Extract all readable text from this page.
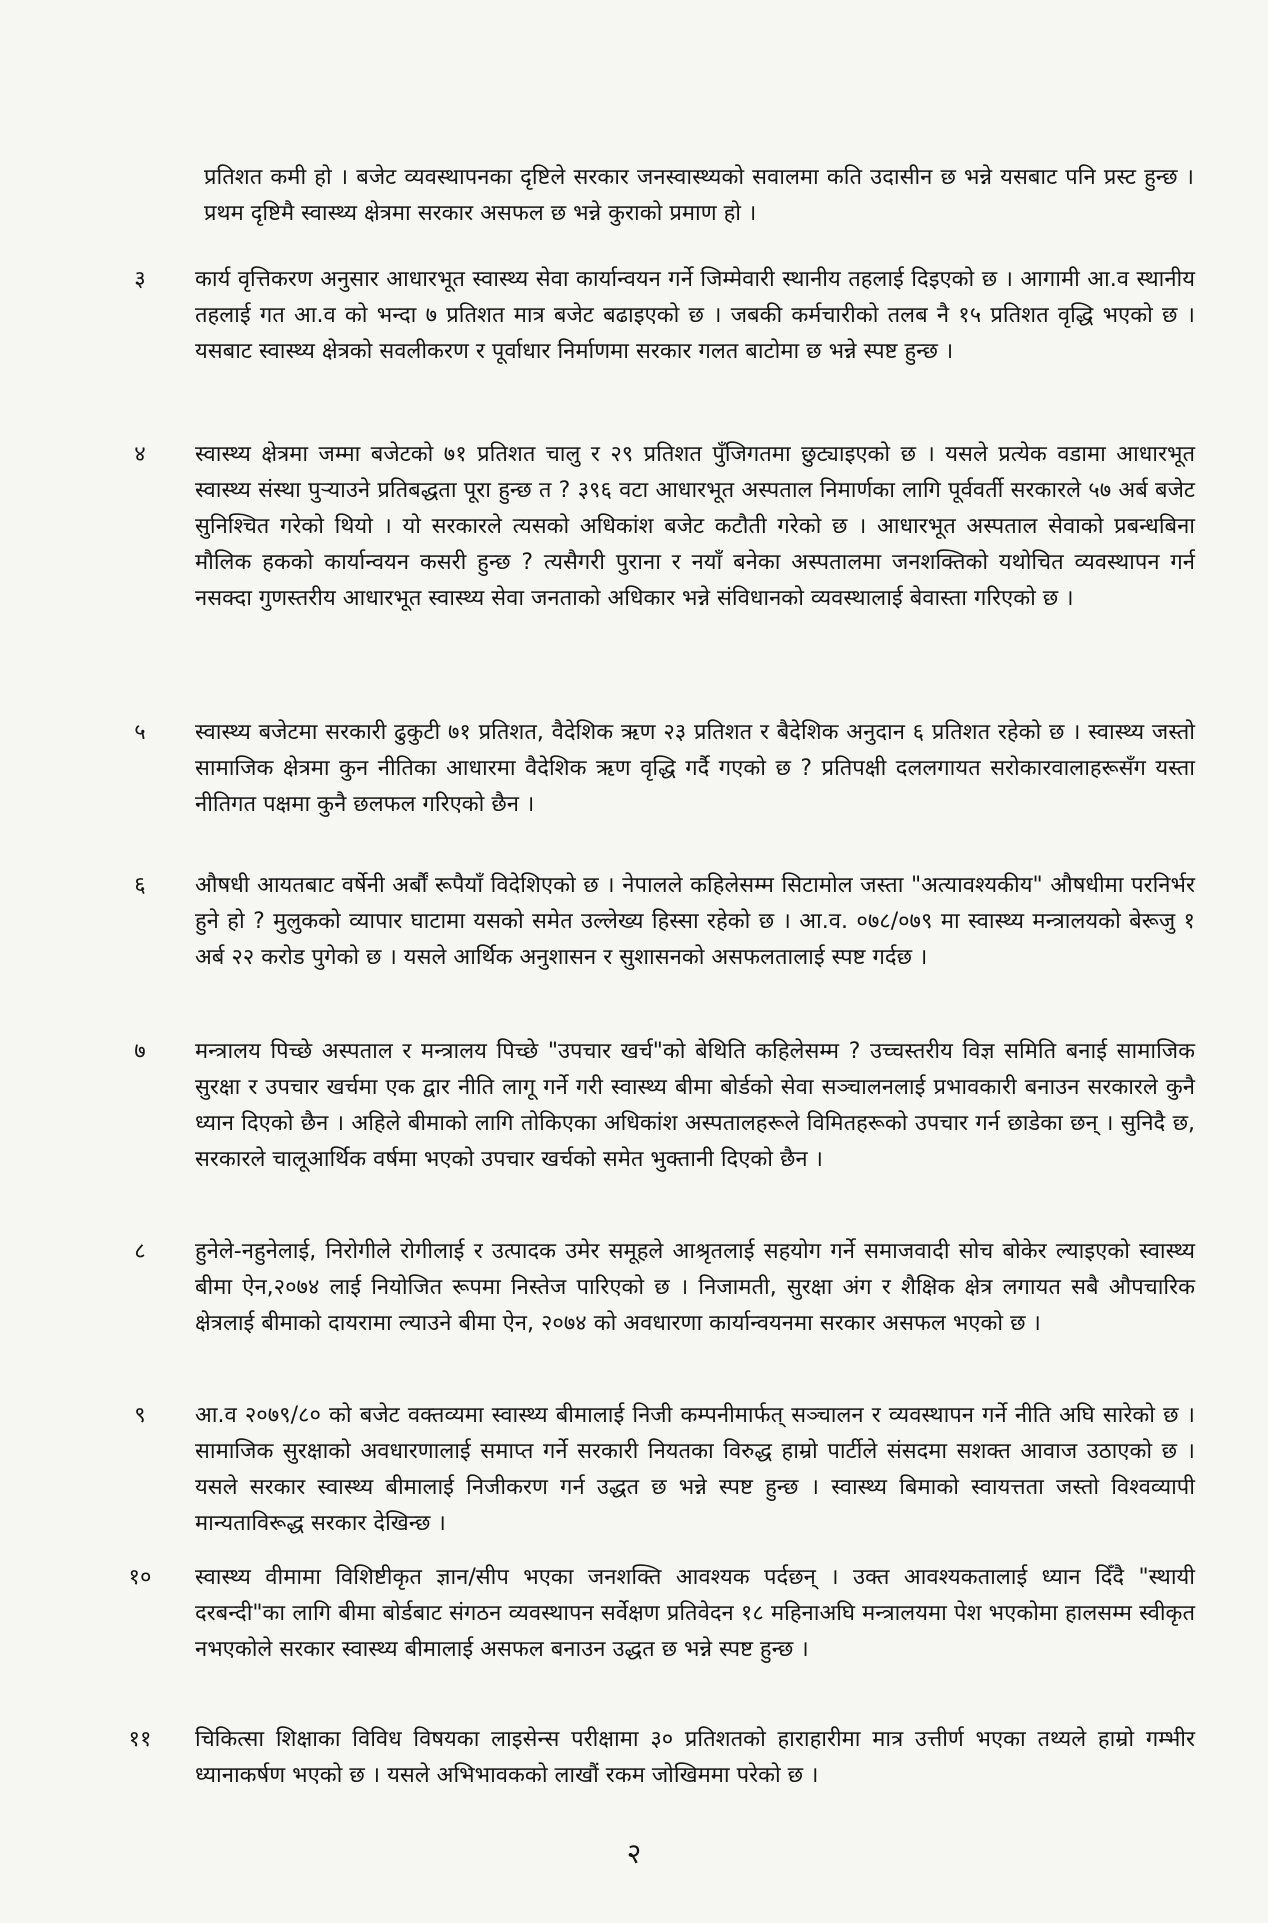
प्रतिशत कमी हो । बजेट व्यवस्थापनका दृष्टिले सरकार जनस्वास्थ्यको सवालमा कति उदासीन छ भन्ने यसबाट पनि प्रस्ट हुन्छ । प्रथम दृष्टिमै स्वास्थ्य क्षेत्रमा सरकार असफल छ भन्ने कुराको प्रमाण हो ।
३	कार्य वृत्तिकरण अनुसार आधारभूत स्वास्थ्य सेवा कार्यान्वयन गर्ने जिम्मेवारी स्थानीय तहलाई दिइएको छ । आगामी आ.व स्थानीय तहलाई गत आ.व को भन्दा ७ प्रतिशत मात्र बजेट बढाइएको छ । जबकी कर्मचारीको तलब नै १५ प्रतिशत वृद्धि भएको छ । यसबाट स्वास्थ्य क्षेत्रको सवलीकरण र पूर्वाधार निर्माणमा सरकार गलत बाटोमा छ भन्ने स्पष्ट हुन्छ ।
४	स्वास्थ्य क्षेत्रमा जम्मा बजेटको ७१ प्रतिशत चालु र २९ प्रतिशत पुँजिगतमा छुट्याइएको छ । यसले प्रत्येक वडामा आधारभूत स्वास्थ्य संस्था पुऱ्याउने प्रतिबद्धता पूरा हुन्छ त ? ३९६ वटा आधारभूत अस्पताल निमार्णका लागि पूर्ववर्ती सरकारले ५७ अर्ब बजेट सुनिश्चित गरेको थियो । यो सरकारले त्यसको अधिकांश बजेट कटौती गरेको छ । आधारभूत अस्पताल सेवाको प्रबन्धबिना मौलिक हकको कार्यान्वयन कसरी हुन्छ ? त्यसैगरी पुराना र नयाँ बनेका अस्पतालमा जनशक्तिको यथोचित व्यवस्थापन गर्न नसक्दा गुणस्तरीय आधारभूत स्वास्थ्य सेवा जनताको अधिकार भन्ने संविधानको व्यवस्थालाई बेवास्ता गरिएको छ ।
५	स्वास्थ्य बजेटमा सरकारी ढुकुटी ७१ प्रतिशत, वैदेशिक ऋण २३ प्रतिशत र बैदेशिक अनुदान ६ प्रतिशत रहेको छ । स्वास्थ्य जस्तो सामाजिक क्षेत्रमा कुन नीतिका आधारमा वैदेशिक ऋण वृद्धि गर्दै गएको छ ? प्रतिपक्षी दललगायत सरोकारवालाहरूसँग यस्ता नीतिगत पक्षमा कुनै छलफल गरिएको छैन ।
६	औषधी आयतबाट वर्षेनी अर्बौं रूपैयाँ विदेशिएको छ । नेपालले कहिलेसम्म सिटामोल जस्ता "अत्यावश्यकीय" औषधीमा परनिर्भर हुने हो ? मुलुकको व्यापार घाटामा यसको समेत उल्लेख्य हिस्सा रहेको छ । आ.व. ०७८/०७९ मा स्वास्थ्य मन्त्रालयको बेरूजु १ अर्ब २२ करोड पुगेको छ । यसले आर्थिक अनुशासन र सुशासनको असफलतालाई स्पष्ट गर्दछ ।
७	मन्त्रालय पिच्छे अस्पताल र मन्त्रालय पिच्छे "उपचार खर्च"को बेथिति कहिलेसम्म ? उच्चस्तरीय विज्ञ समिति बनाई सामाजिक सुरक्षा र उपचार खर्चमा एक द्वार नीति लागू गर्ने गरी स्वास्थ्य बीमा बोर्डको सेवा सञ्चालनलाई प्रभावकारी बनाउन सरकारले कुनै ध्यान दिएको छैन । अहिले बीमाको लागि तोकिएका अधिकांश अस्पतालहरूले विमितहरूको उपचार गर्न छाडेका छन् । सुनिदै छ, सरकारले चालूआर्थिक वर्षमा भएको उपचार खर्चको समेत भुक्तानी दिएको छैन ।
८	हुनेले-नहुनेलाई, निरोगीले रोगीलाई र उत्पादक उमेर समूहले आश्रृतलाई सहयोग गर्ने समाजवादी सोच बोकेर ल्याइएको स्वास्थ्य बीमा ऐन,२०७४ लाई नियोजित रूपमा निस्तेज पारिएको छ । निजामती, सुरक्षा अंग र शैक्षिक क्षेत्र लगायत सबै औपचारिक क्षेत्रलाई बीमाको दायरामा ल्याउने बीमा ऐन, २०७४ को अवधारणा कार्यान्वयनमा सरकार असफल भएको छ ।
९	आ.व २०७९/८० को बजेट वक्तव्यमा स्वास्थ्य बीमालाई निजी कम्पनीमार्फत् सञ्चालन र व्यवस्थापन गर्ने नीति अघि सारेको छ । सामाजिक सुरक्षाको अवधारणालाई समाप्त गर्ने सरकारी नियतका विरुद्ध हाम्रो पार्टीले संसदमा सशक्त आवाज उठाएको छ । यसले सरकार स्वास्थ्य बीमालाई निजीकरण गर्न उद्धत छ भन्ने स्पष्ट हुन्छ । स्वास्थ्य बिमाको स्वायत्तता जस्तो विश्वव्यापी मान्यताविरूद्ध सरकार देखिन्छ ।
१०	स्वास्थ्य वीमामा विशिष्टीकृत ज्ञान/सीप भएका जनशक्ति आवश्यक पर्दछन् । उक्त आवश्यकतालाई ध्यान दिँदै "स्थायी दरबन्दी"का लागि बीमा बोर्डबाट संगठन व्यवस्थापन सर्वेक्षण प्रतिवेदन १८ महिनाअघि मन्त्रालयमा पेश भएकोमा हालसम्म स्वीकृत नभएकोले सरकार स्वास्थ्य बीमालाई असफल बनाउन उद्धत छ भन्ने स्पष्ट हुन्छ ।
११	चिकित्सा शिक्षाका विविध विषयका लाइसेन्स परीक्षामा ३० प्रतिशतको हाराहारीमा मात्र उत्तीर्ण भएका तथ्यले हाम्रो गम्भीर ध्यानाकर्षण भएको छ । यसले अभिभावकको लाखौं रकम जोखिममा परेको छ ।
२
